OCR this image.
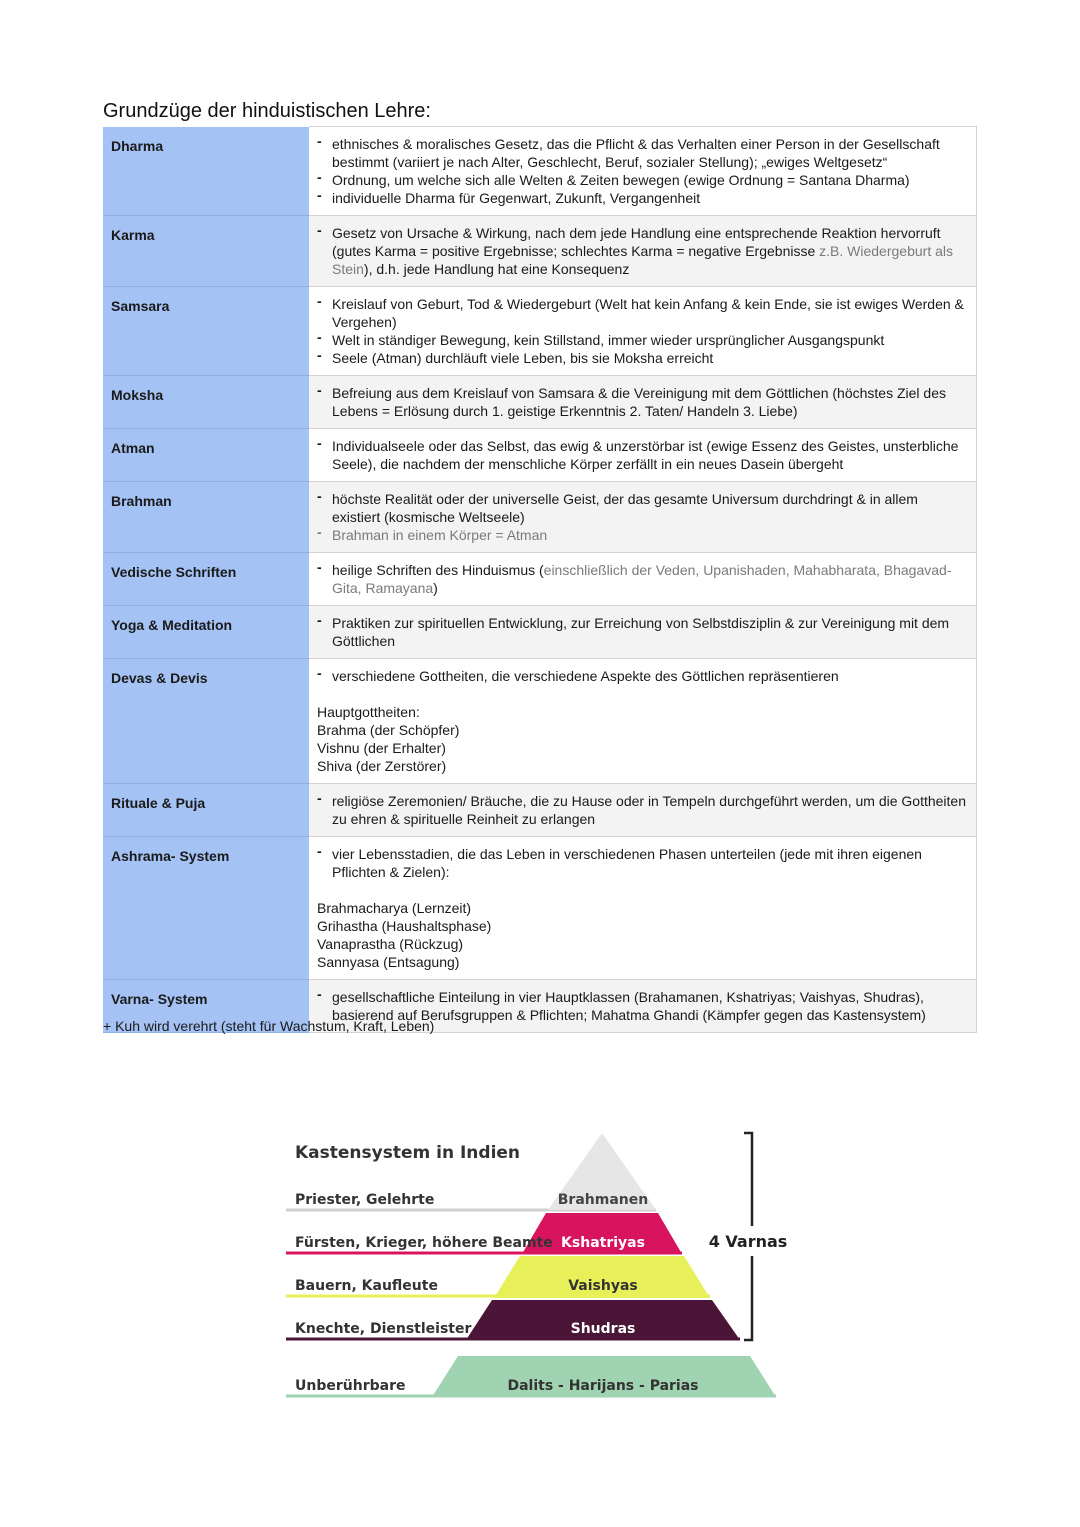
Grundzüge der hinduistischen Lehre:
Dharma	- ethnisches & moralisches Gesetz, das die Pflicht & das Verhalten einer Person in der Gesellschaft bestimmt (variiert je nach Alter, Geschlecht, Beruf, sozialer Stellung); „ewiges Weltgesetz“
- Ordnung, um welche sich alle Welten & Zeiten bewegen (ewige Ordnung = Santana Dharma)
- individuelle Dharma für Gegenwart, Zukunft, Vergangenheit

Karma	- Gesetz von Ursache & Wirkung, nach dem jede Handlung eine entsprechende Reaktion hervorruft (gutes Karma = positive Ergebnisse; schlechtes Karma = negative Ergebnisse z.B. Wiedergeburt als Stein), d.h. jede Handlung hat eine Konsequenz

Samsara	- Kreislauf von Geburt, Tod & Wiedergeburt (Welt hat kein Anfang & kein Ende, sie ist ewiges Werden & Vergehen)
- Welt in ständiger Bewegung, kein Stillstand, immer wieder ursprünglicher Ausgangspunkt
- Seele (Atman) durchläuft viele Leben, bis sie Moksha erreicht

Moksha	- Befreiung aus dem Kreislauf von Samsara & die Vereinigung mit dem Göttlichen (höchstes Ziel des Lebens = Erlösung durch 1. geistige Erkenntnis 2. Taten/ Handeln 3. Liebe)

Atman	- Individualseele oder das Selbst, das ewig & unzerstörbar ist (ewige Essenz des Geistes, unsterbliche Seele), die nachdem der menschliche Körper zerfällt in ein neues Dasein übergeht

Brahman	- höchste Realität oder der universelle Geist, der das gesamte Universum durchdringt & in allem existiert (kosmische Weltseele)
- Brahman in einem Körper = Atman

Vedische Schriften	- heilige Schriften des Hinduismus (einschließlich der Veden, Upanishaden, Mahabharata, Bhagavad-Gita, Ramayana)

Yoga & Meditation	- Praktiken zur spirituellen Entwicklung, zur Erreichung von Selbstdisziplin & zur Vereinigung mit dem Göttlichen

Devas & Devis	- verschiedene Gottheiten, die verschiedene Aspekte des Göttlichen repräsentieren
Hauptgottheiten:
Brahma (der Schöpfer)
Vishnu (der Erhalter)
Shiva (der Zerstörer)

Rituale & Puja	- religiöse Zeremonien/ Bräuche, die zu Hause oder in Tempeln durchgeführt werden, um die Gottheiten zu ehren & spirituelle Reinheit zu erlangen

Ashrama- System	- vier Lebensstadien, die das Leben in verschiedenen Phasen unterteilen (jede mit ihren eigenen Pflichten & Zielen):
Brahmacharya (Lernzeit)
Grihastha (Haushaltsphase)
Vanaprastha (Rückzug)
Sannyasa (Entsagung)

Varna- System	- gesellschaftliche Einteilung in vier Hauptklassen (Brahamanen, Kshatriyas; Vaishyas, Shudras), basierend auf Berufsgruppen & Pflichten; Mahatma Ghandi (Kämpfer gegen das Kastensystem)
+ Kuh wird verehrt (steht für Wachstum, Kraft, Leben)
Kastensystem in Indien
Priester, Gelehrte
Fürsten, Krieger, höhere Beamte
Bauern, Kaufleute
Knechte, Dienstleister
Unberührbare
Brahmanen
Kshatriyas
Vaishyas
Shudras
Dalits - Harijans - Parias
4 Varnas
